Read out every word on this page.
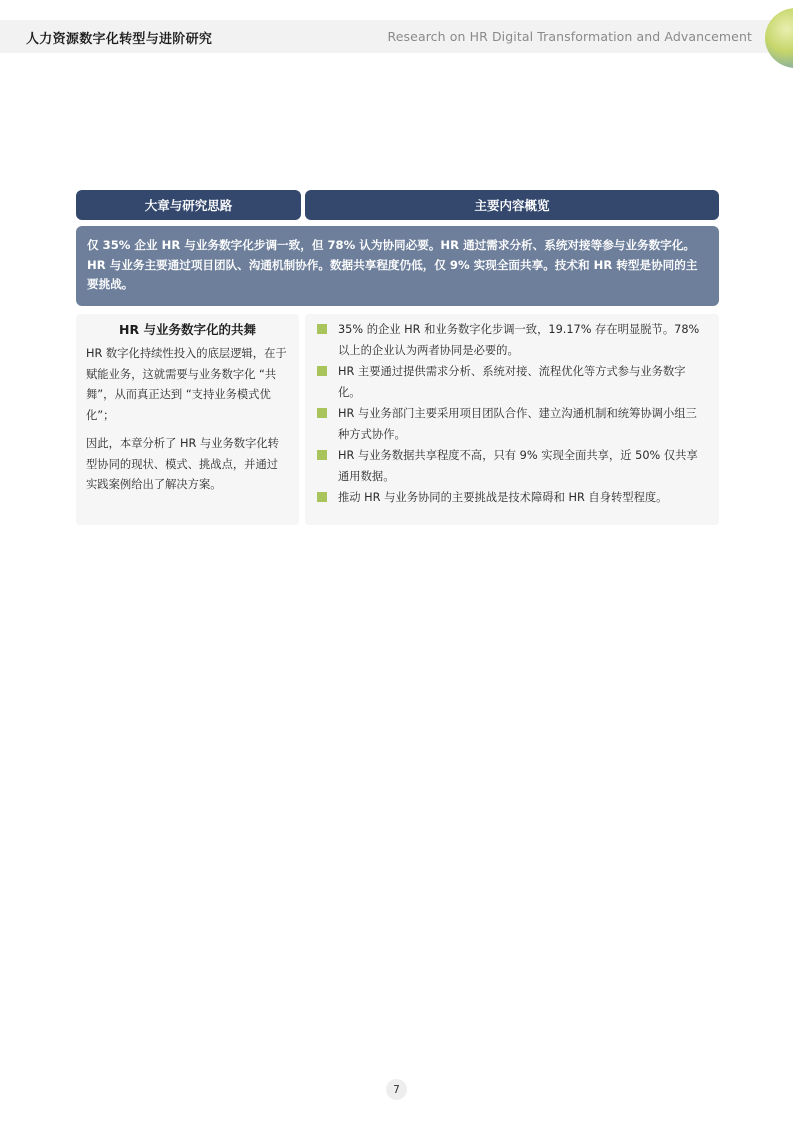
人力资源数字化转型与进阶研究	Research on HR Digital Transformation and Advancement
大章与研究思路	主要内容概览
仅 35% 企业 HR 与业务数字化步调一致，但 78% 认为协同必要。HR 通过需求分析、系统对接等参与业务数字化。HR 与业务主要通过项目团队、沟通机制协作。数据共享程度仍低，仅 9% 实现全面共享。技术和 HR 转型是协同的主要挑战。
HR 与业务数字化的共舞

HR 数字化持续性投入的底层逻辑，在于赋能业务，这就需要与业务数字化 “共舞”，从而真正达到 “支持业务模式优化”；

因此，本章分析了 HR 与业务数字化转型协同的现状、模式、挑战点，并通过实践案例给出了解决方案。

35% 的企业 HR 和业务数字化步调一致，19.17% 存在明显脱节。78% 以上的企业认为两者协同是必要的。
HR 主要通过提供需求分析、系统对接、流程优化等方式参与业务数字化。
HR 与业务部门主要采用项目团队合作、建立沟通机制和统筹协调小组三种方式协作。
HR 与业务数据共享程度不高，只有 9% 实现全面共享，近 50% 仅共享通用数据。
推动 HR 与业务协同的主要挑战是技术障碍和 HR 自身转型程度。
7
